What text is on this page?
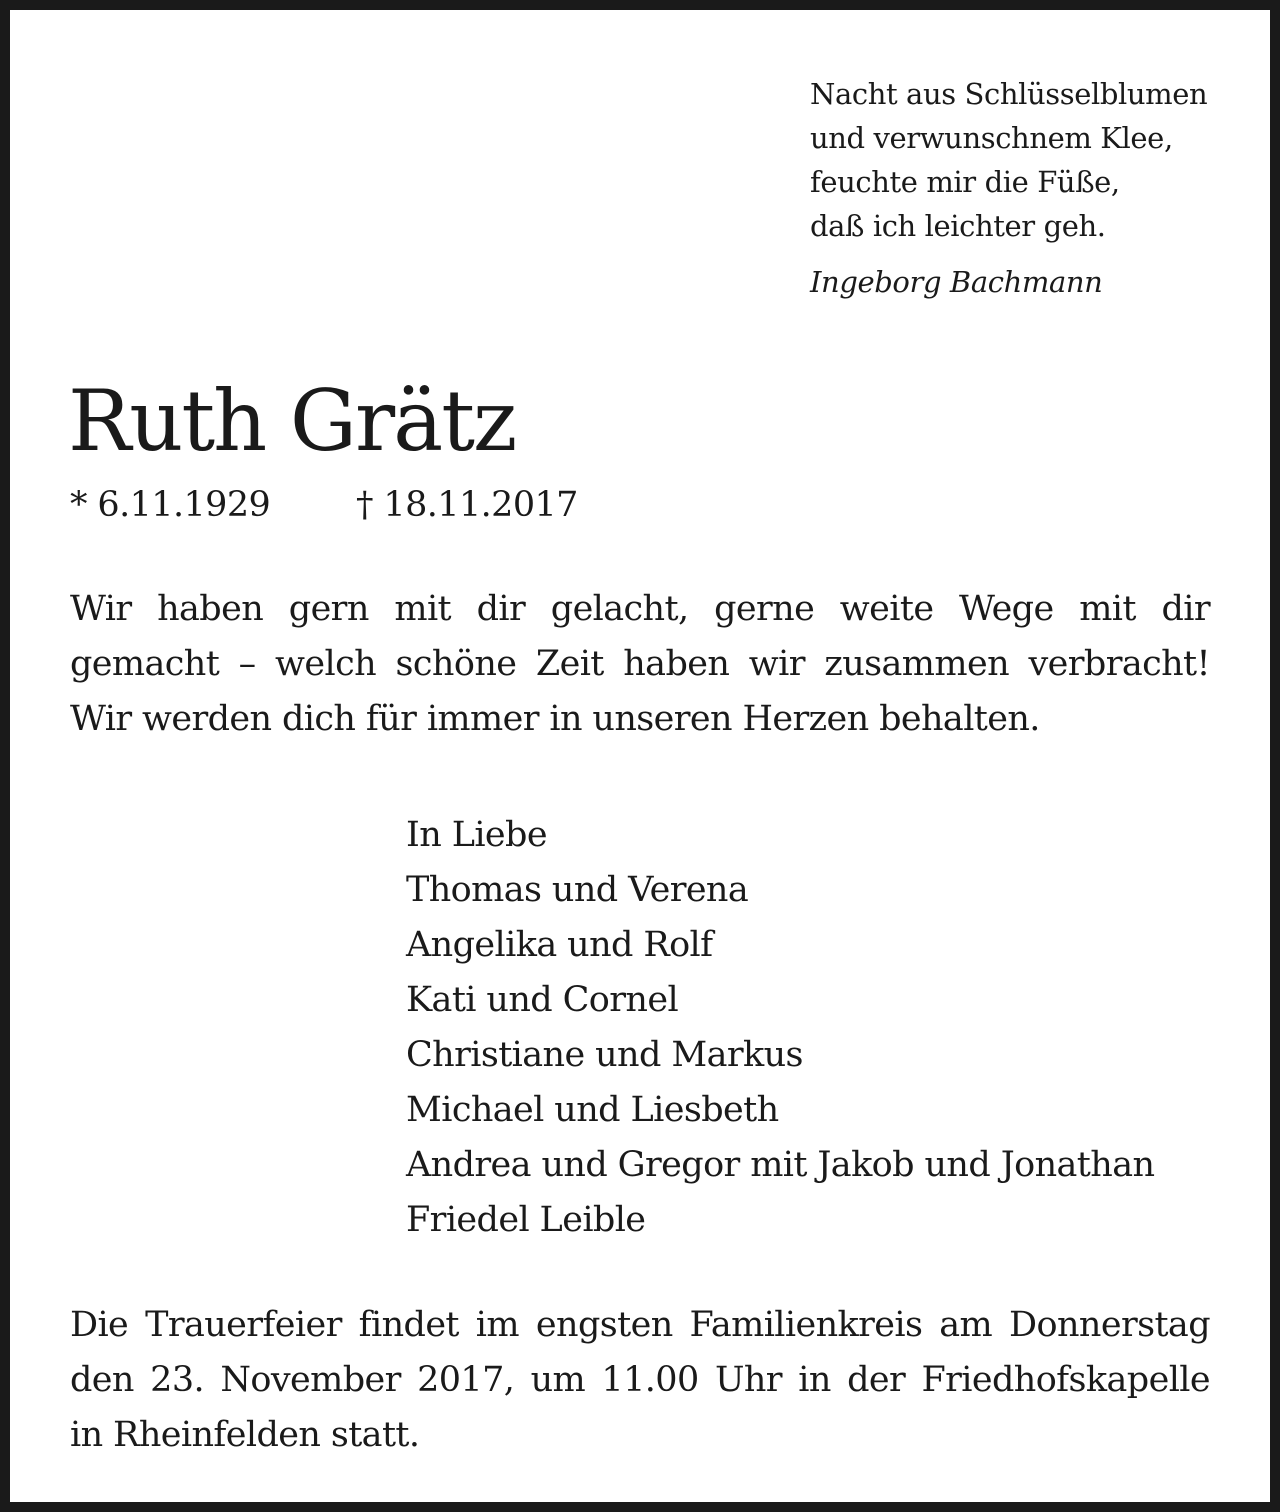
Nacht aus Schlüsselblumen
und verwunschnem Klee,
feuchte mir die Füße,
daß ich leichter geh.
Ingeborg Bachmann
Ruth Grätz
* 6.11.1929 † 18.11.2017
Wir haben gern mit dir gelacht, gerne weite Wege mit dir
gemacht – welch schöne Zeit haben wir zusammen verbracht!
Wir werden dich für immer in unseren Herzen behalten.
In Liebe
Thomas und Verena
Angelika und Rolf
Kati und Cornel
Christiane und Markus
Michael und Liesbeth
Andrea und Gregor mit Jakob und Jonathan
Friedel Leible
Die Trauerfeier findet im engsten Familienkreis am Donnerstag
den 23. November 2017, um 11.00 Uhr in der Friedhofskapelle
in Rheinfelden statt.
